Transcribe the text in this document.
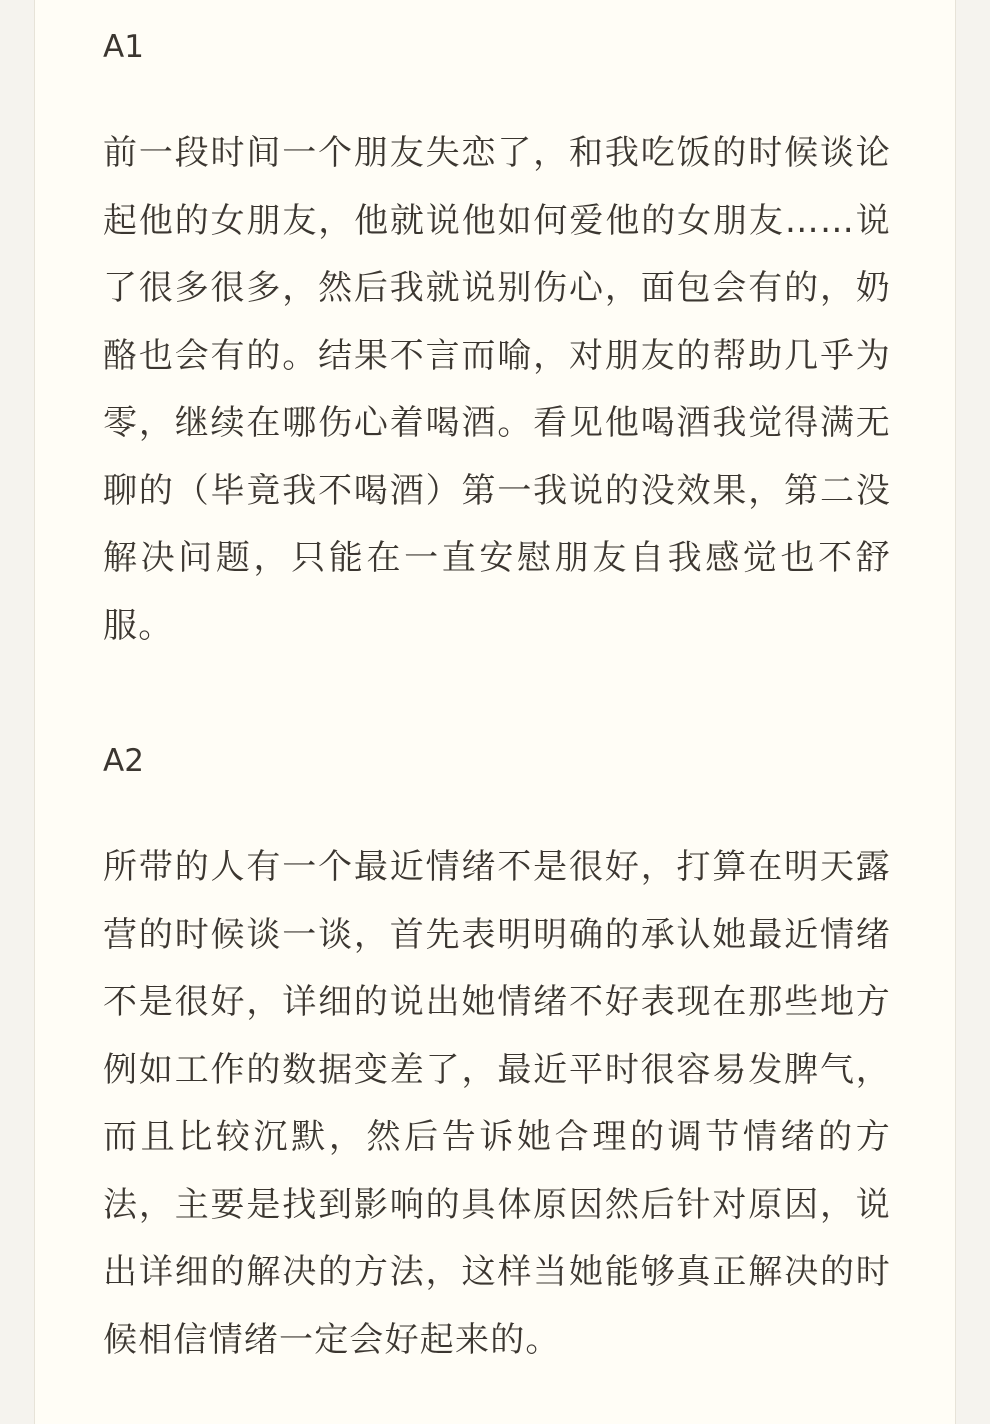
A1

前一段时间一个朋友失恋了，和我吃饭的时候谈论起他的女朋友，他就说他如何爱他的女朋友……说了很多很多，然后我就说别伤心，面包会有的，奶酪也会有的。结果不言而喻，对朋友的帮助几乎为零，继续在哪伤心着喝酒。看见他喝酒我觉得满无聊的（毕竟我不喝酒）第一我说的没效果，第二没解决问题，只能在一直安慰朋友自我感觉也不舒服。

A2

所带的人有一个最近情绪不是很好，打算在明天露营的时候谈一谈，首先表明明确的承认她最近情绪不是很好，详细的说出她情绪不好表现在那些地方例如工作的数据变差了，最近平时很容易发脾气，而且比较沉默，然后告诉她合理的调节情绪的方法，主要是找到影响的具体原因然后针对原因，说出详细的解决的方法，这样当她能够真正解决的时候相信情绪一定会好起来的。
